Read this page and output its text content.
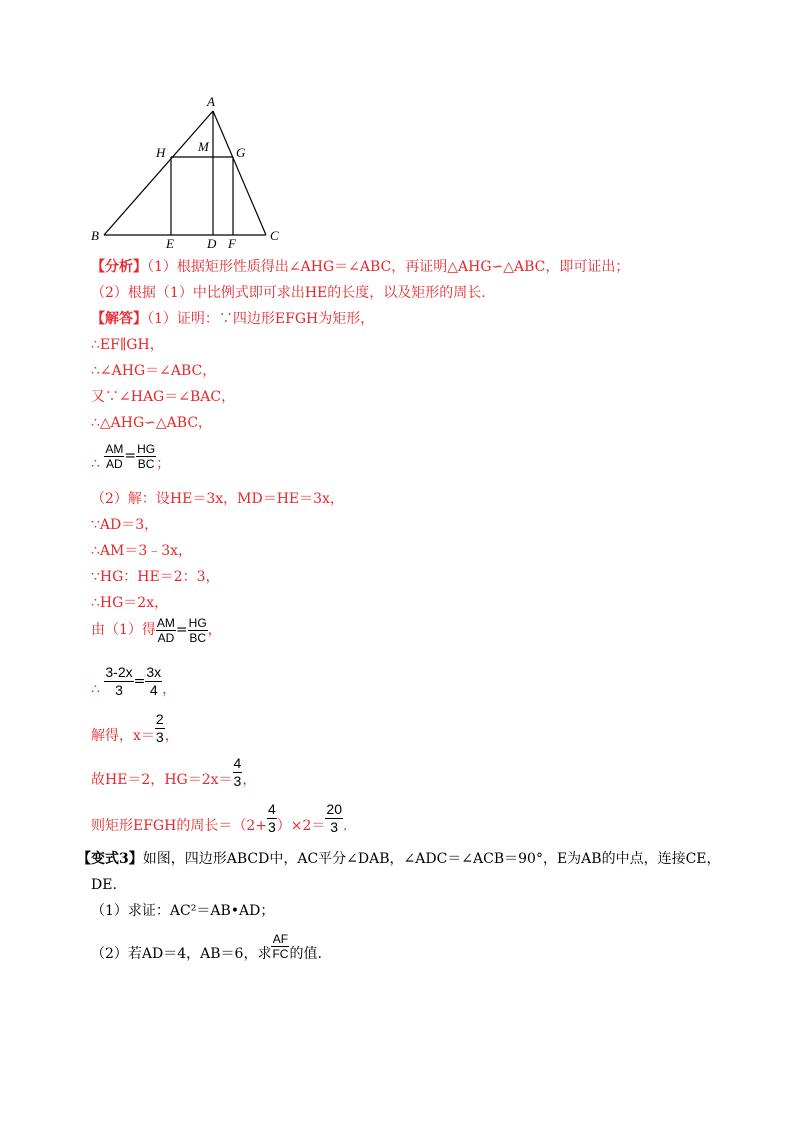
A
H	M G
B
E	D F
C
【分析】（1）根据矩形性质得出∠AHG＝∠ABC，再证明△AHG∽△ABC，即可证出；
（2）根据（1）中比例式即可求出HE的长度，以及矩形的周长.
【解答】（1）证明：∵四边形EFGH为矩形，
∴EF∥GH，
∴∠AHG＝∠ABC，
又∵∠HAG＝∠BAC，
∴△AHG∽△ABC，
∴ $\frac{AM}{AD} = \frac{HG}{BC}$ ；
（2）解：设HE＝3x，MD＝HE＝3x，
∵AD＝3，
∴AM＝3﹣3x，
∵HG：HE＝2：3，
∴HG＝2x，
由（1）得 $\frac{AM}{AD} = \frac{HG}{BC}$ ，
∴ $\frac{3-2x}{3} = \frac{3x}{4}$ ，
解得，$x= \frac{2}{3}$ ，
故HE＝2，$HG=2x= \frac{4}{3}$ ，
则矩形EFGH的周长$=(2+ \frac{4}{3} )\times 2= \frac{20}{3}$ .
【变式3】如图，四边形ABCD中，AC平分∠DAB，∠ADC＝∠ACB＝90°，E为AB的中点，连接CE，
DE.
（1）求证：AC²＝AB•AD；
（2）若AD＝4，AB＝6，求 $\frac{AF}{FC}$ 的值.
